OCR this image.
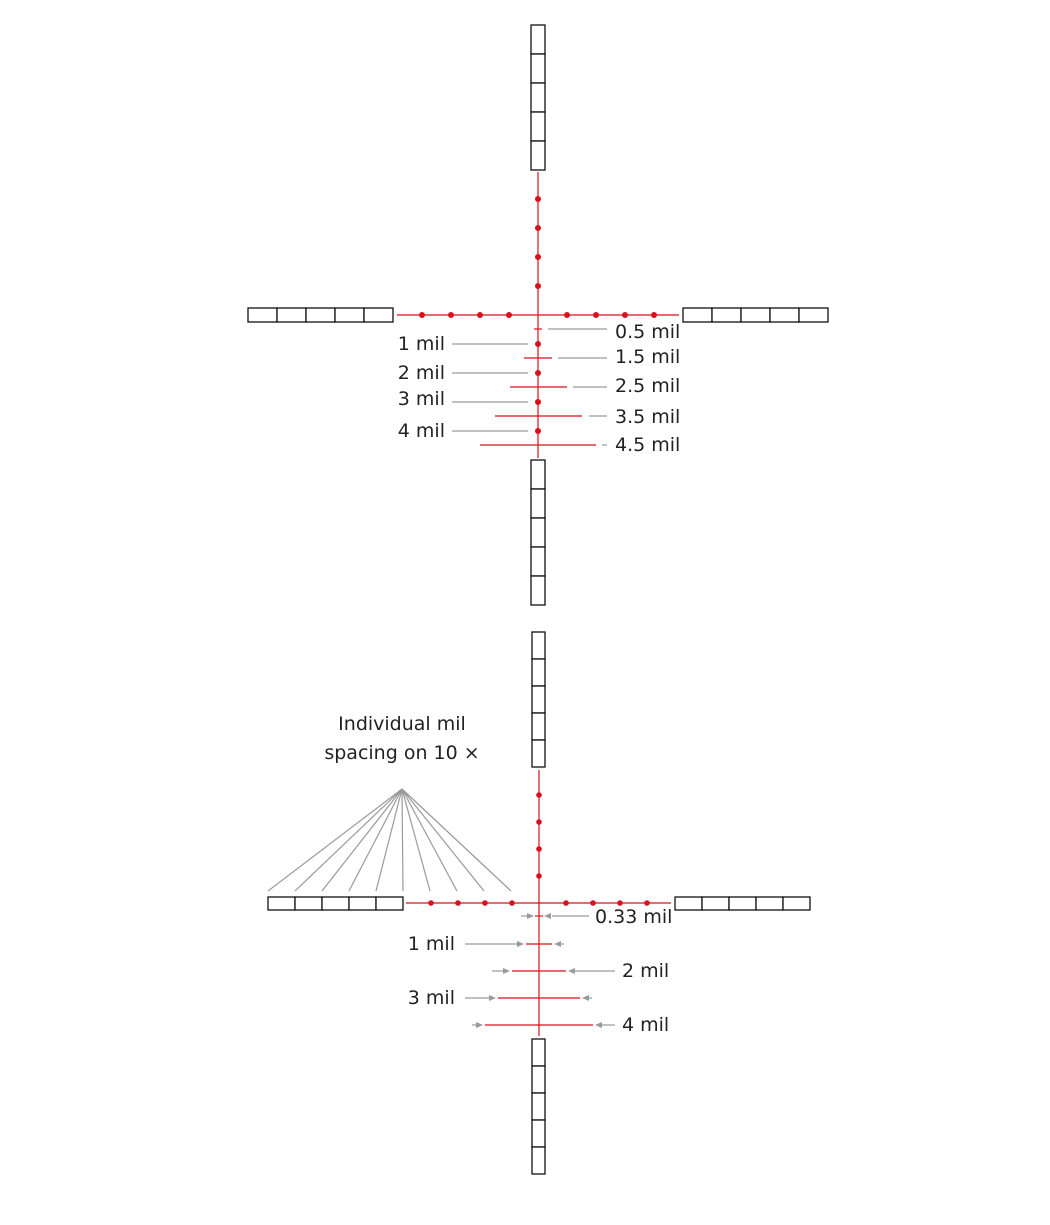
1 mil
2 mil
3 mil
4 mil
0.5 mil
1.5 mil
2.5 mil
3.5 mil
4.5 mil
Individual mil
spacing on 10 ×
1 mil
3 mil
0.33 mil
2 mil
4 mil
